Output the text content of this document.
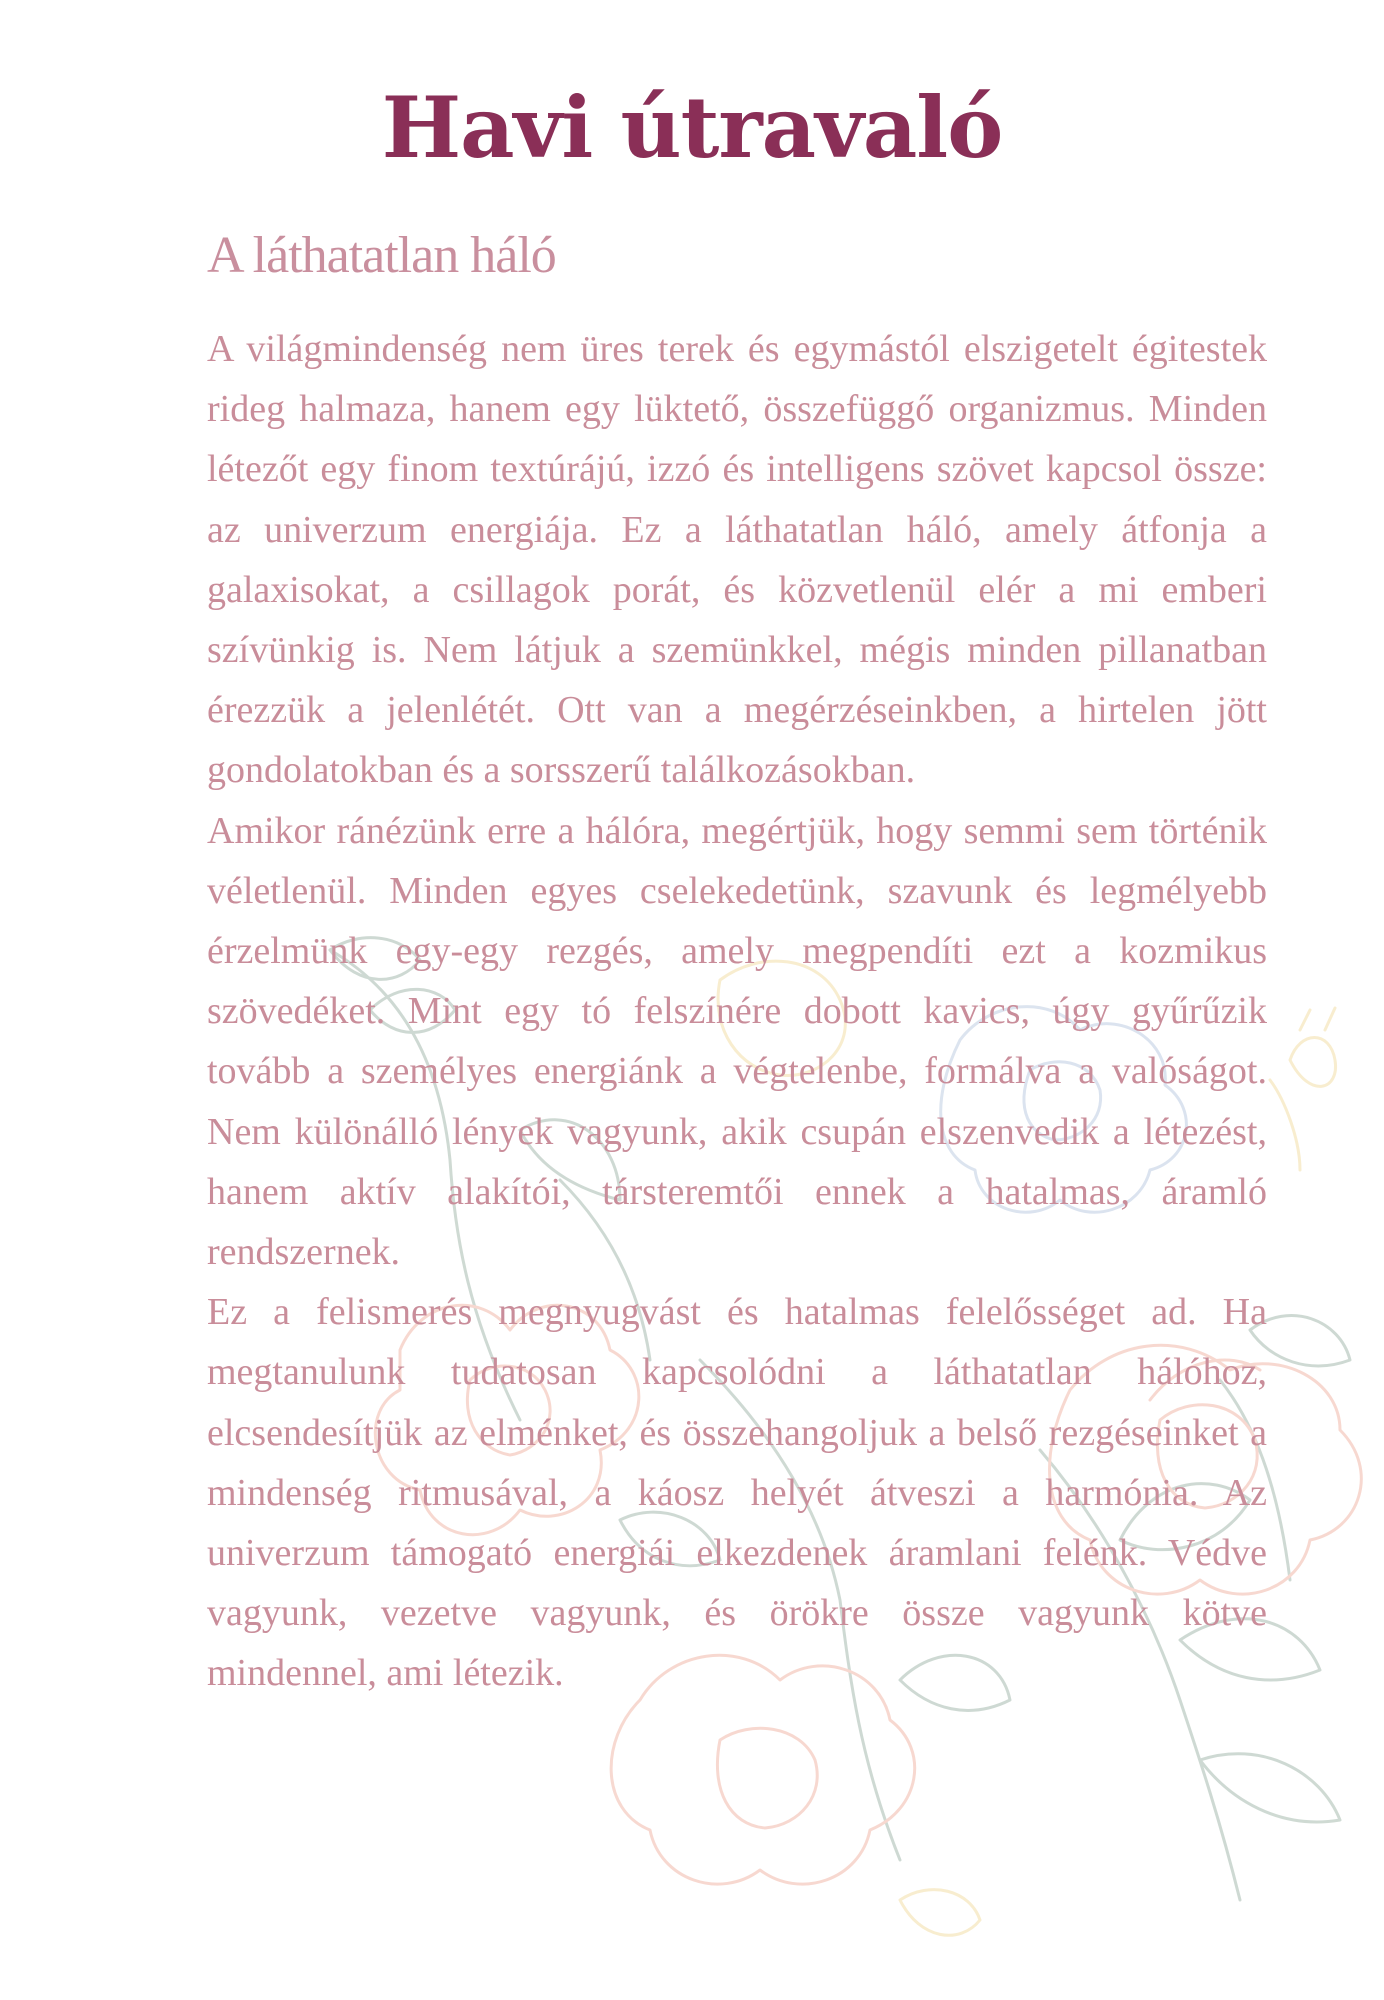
Havi útravaló
A láthatatlan háló

A világmindenség nem üres terek és egymástól elszigetelt égitestek rideg halmaza, hanem egy lüktető, összefüggő organizmus. Minden létezőt egy finom textúrájú, izzó és intelligens szövet kapcsol össze: az univerzum energiája. Ez a láthatatlan háló, amely átfonja a galaxisokat, a csillagok porát, és közvetlenül elér a mi emberi szívünkig is. Nem látjuk a szemünkkel, mégis minden pillanatban érezzük a jelenlétét. Ott van a megérzéseinkben, a hirtelen jött gondolatokban és a sorsszerű találkozásokban.

Amikor ránézünk erre a hálóra, megértjük, hogy semmi sem történik véletlenül. Minden egyes cselekedetünk, szavunk és legmélyebb érzelmünk egy-egy rezgés, amely megpendíti ezt a kozmikus szövedéket. Mint egy tó felszínére dobott kavics, úgy gyűrűzik tovább a személyes energiánk a végtelenbe, formálva a valóságot. Nem különálló lények vagyunk, akik csupán elszenvedik a létezést, hanem aktív alakítói, társteremtői ennek a hatalmas, áramló rendszernek.

Ez a felismerés megnyugvást és hatalmas felelősséget ad. Ha megtanulunk tudatosan kapcsolódni a láthatatlan hálóhoz, elcsendesítjük az elménket, és összehangoljuk a belső rezgéseinket a mindenség ritmusával, a káosz helyét átveszi a harmónia. Az univerzum támogató energiái elkezdenek áramlani felénk. Védve vagyunk, vezetve vagyunk, és örökre össze vagyunk kötve mindennel, ami létezik.
